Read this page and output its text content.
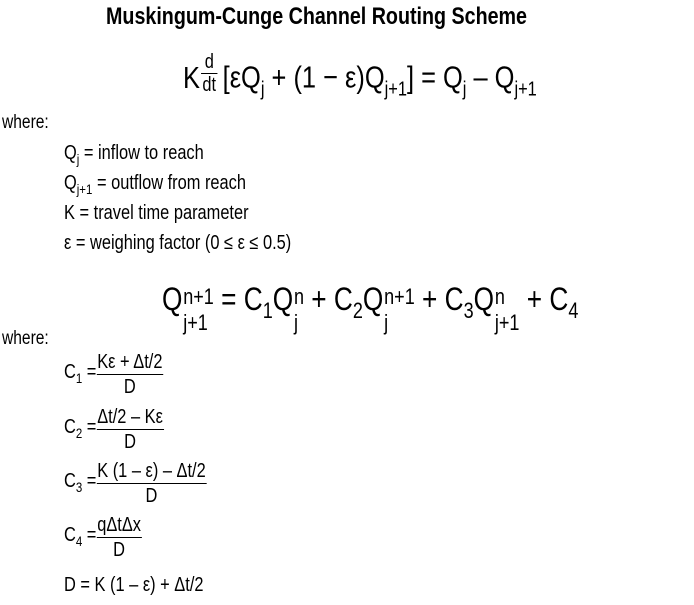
Muskingum-Cunge Channel Routing Scheme
K $\frac{d}{dt} [\varepsilon Q_j + (1 - \varepsilon)Q_{j+1}] = Q_j - Q_{j+1}$
where:
$Q_j$ = inflow to reach
$Q_{j+1}$ = outflow from reach
K = travel time parameter
ε = weighing factor (0 ≤ ε ≤ 0.5)
Q n+1
j+1
= $C_1Q$ n
j
+ $C_2Q$ n+1
j
+ $C_3Q$ n
j+1
+ $C_4$
where:
$C_1 = \frac{K\varepsilon + \Delta t/2}{D}$
$C_2 = \frac{\Delta t/2 - K\varepsilon}{D}$
$C_3 = \frac{K (1 - \varepsilon) - \Delta t/2}{D}$
$C_4 = \frac{\text{qΔtΔx}}{D}$
D = K (1 – ε) + Δt/2
